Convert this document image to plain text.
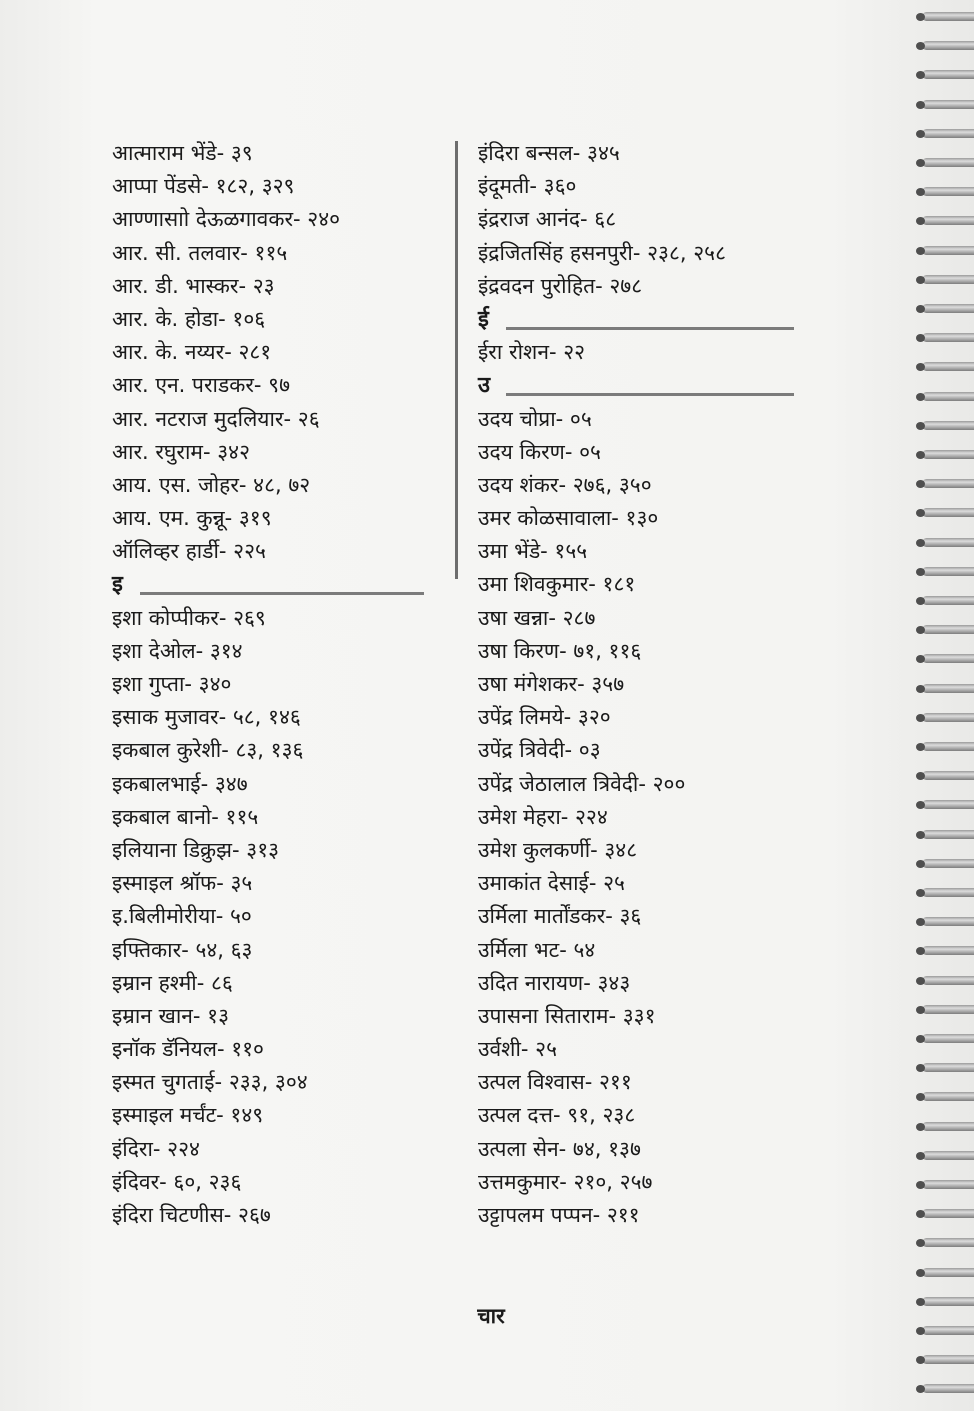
आत्माराम भेंडे- ३९
आप्पा पेंडसे- १८२, ३२९
आण्णासाो देऊळगावकर- २४०
आर. सी. तलवार- ११५
आर. डी. भास्कर- २३
आर. के. होडा- १०६
आर. के. नय्यर- २८१
आर. एन. पराडकर- ९७
आर. नटराज मुदलियार- २६
आर. रघुराम- ३४२
आय. एस. जोहर- ४८, ७२
आय. एम. कुन्नू- ३१९
ऑलिव्हर हार्डी- २२५
इ
इशा कोप्पीकर- २६९
इशा देओल- ३१४
इशा गुप्ता- ३४०
इसाक मुजावर- ५८, १४६
इकबाल कुरेशी- ८३, १३६
इकबालभाई- ३४७
इकबाल बानो- ११५
इलियाना डिक्रुझ- ३१३
इस्माइल श्रॉफ- ३५
इ.बिलीमोरीया- ५०
इफ्तिकार- ५४, ६३
इम्रान हश्मी- ८६
इम्रान खान- १३
इनॉक डॅनियल- ११०
इस्मत चुगताई- २३३, ३०४
इस्माइल मर्चंट- १४९
इंदिरा- २२४
इंदिवर- ६०, २३६
इंदिरा चिटणीस- २६७
इंदिरा बन्सल- ३४५
इंदूमती- ३६०
इंद्रराज आनंद- ६८
इंद्रजितसिंह हसनपुरी- २३८, २५८
इंद्रवदन पुरोहित- २७८
ई
ईरा रोशन- २२
उ
उदय चोप्रा- ०५
उदय किरण- ०५
उदय शंकर- २७६, ३५०
उमर कोळसावाला- १३०
उमा भेंडे- १५५
उमा शिवकुमार- १८१
उषा खन्ना- २८७
उषा किरण- ७१, ११६
उषा मंगेशकर- ३५७
उपेंद्र लिमये- ३२०
उपेंद्र त्रिवेदी- ०३
उपेंद्र जेठालाल त्रिवेदी- २००
उमेश मेहरा- २२४
उमेश कुलकर्णी- ३४८
उमाकांत देसाई- २५
उर्मिला मार्तोंडकर- ३६
उर्मिला भट- ५४
उदित नारायण- ३४३
उपासना सिताराम- ३३१
उर्वशी- २५
उत्पल विश्वास- २११
उत्पल दत्त- ९१, २३८
उत्पला सेन- ७४, १३७
उत्तमकुमार- २१०, २५७
उट्टापलम पप्पन- २११
चार
